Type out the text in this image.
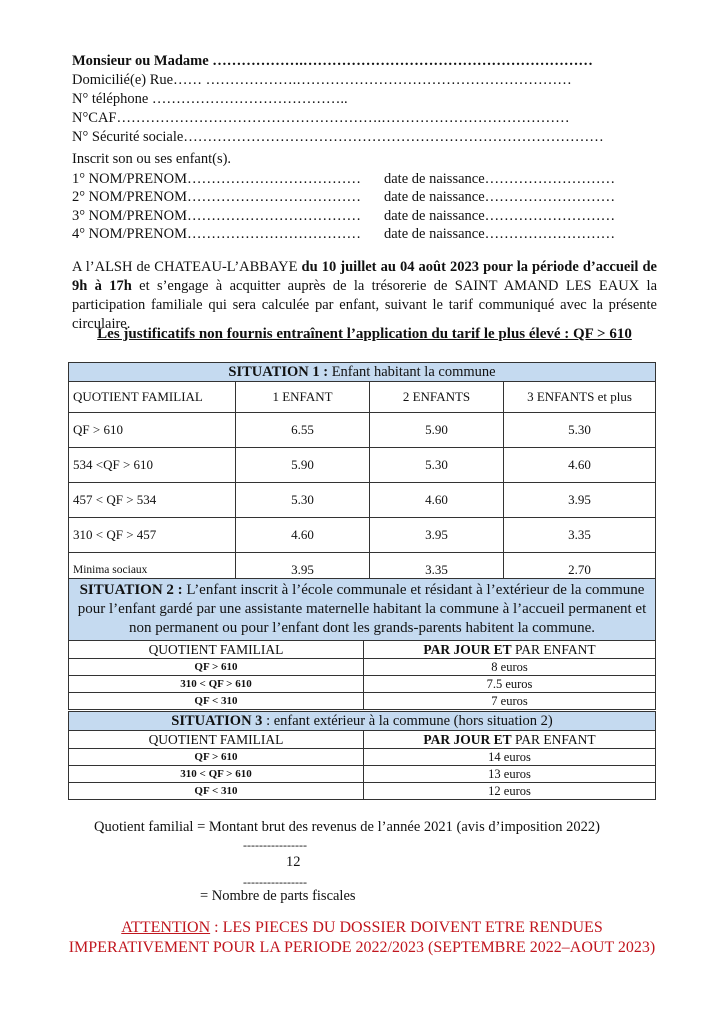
Monsieur ou Madame ……………….……………………………………………………
Domicilié(e) Rue…… ……………….…………………………………………………
N° téléphone …………………………………..
N°CAF……………………………………………….…………………………………
N° Sécurité sociale……………………………………………………………………………
Inscrit son ou ses enfant(s).
1° NOM/PRENOM………………………………	date de naissance………………………
2° NOM/PRENOM………………………………	date de naissance………………………
3° NOM/PRENOM………………………………	date de naissance………………………
4° NOM/PRENOM………………………………	date de naissance………………………
A l’ALSH de CHATEAU-L’ABBAYE du 10 juillet au 04 août 2023 pour la période d’accueil de 9h à 17h et s’engage à acquitter auprès de la trésorerie de SAINT AMAND LES EAUX la participation familiale qui sera calculée par enfant, suivant le tarif communiqué avec la présente circulaire.
Les justificatifs non fournis entraînent l’application du tarif le plus élevé : QF > 610
SITUATION 1 : Enfant habitant la commune			
QUOTIENT FAMILIAL	1 ENFANT	2 ENFANTS	3 ENFANTS et plus
QF > 610	6.55	5.90	5.30
534 <QF > 610	5.90	5.30	4.60
457 < QF > 534	5.30	4.60	3.95
310 < QF > 457	4.60	3.95	3.35
Minima sociaux	3.95	3.35	2.70
SITUATION 2 : L’enfant inscrit à l’école communale et résidant à l’extérieur de la commune pour l’enfant gardé par une assistante maternelle habitant la commune à l’accueil permanent et non permanent ou pour l’enfant dont les grands-parents habitent la commune.	
QUOTIENT FAMILIAL	PAR JOUR ET PAR ENFANT
QF > 610	8 euros
310 < QF > 610	7.5 euros
QF < 310	7 euros
SITUATION 3 : enfant extérieur à la commune (hors situation 2)	
QUOTIENT FAMILIAL	PAR JOUR ET PAR ENFANT
QF > 610	14 euros
310 < QF > 610	13 euros
QF < 310	12 euros
Quotient familial = Montant brut des revenus de l’année 2021 (avis d’imposition 2022)
----------------
12
----------------
= Nombre de parts fiscales
ATTENTION : LES PIECES DU DOSSIER DOIVENT ETRE RENDUES IMPERATIVEMENT POUR LA PERIODE 2022/2023 (SEPTEMBRE 2022–AOUT 2023)
